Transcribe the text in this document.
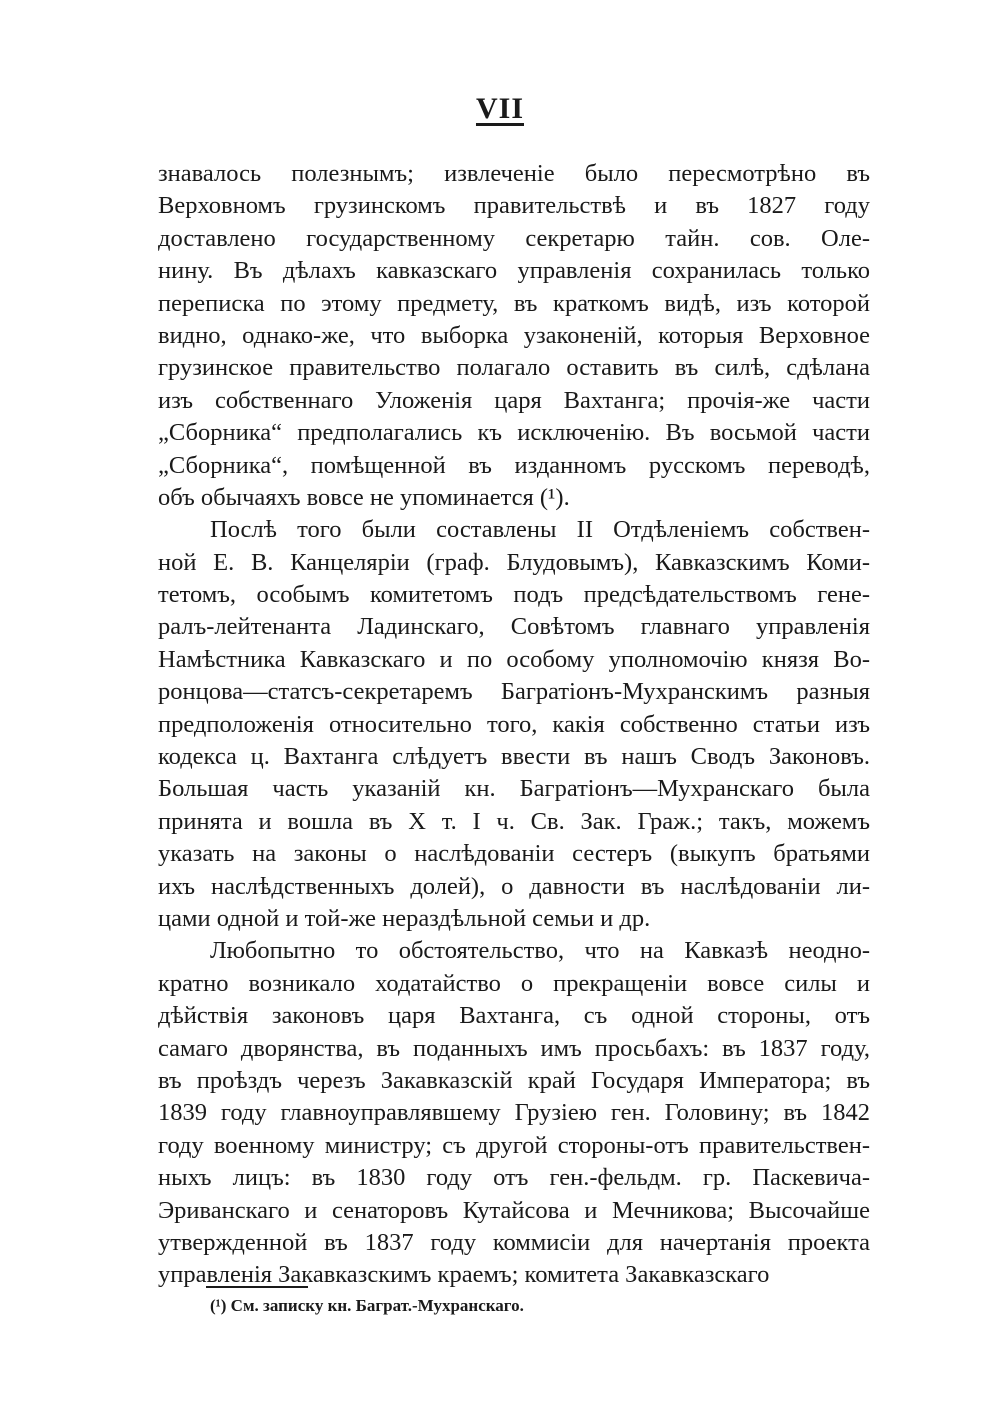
VII
знавалось полезнымъ; извлеченіе было пересмотрѣно въ
Верховномъ грузинскомъ правительствѣ и въ 1827 году
доставлено государственному секретарю тайн. сов. Оле-
нину. Въ дѣлахъ кавказскаго управленія сохранилась только
переписка по этому предмету, въ краткомъ видѣ, изъ которой
видно, однако-же, что выборка узаконеній, которыя Верховное
грузинское правительство полагало оставить въ силѣ, сдѣлана
изъ собственнаго Уложенія царя Вахтанга; прочія-же части
„Сборника“ предполагались къ исключенію. Въ восьмой части
„Сборника“, помѣщенной въ изданномъ русскомъ переводѣ,
объ обычаяхъ вовсе не упоминается (¹).
Послѣ того были составлены II Отдѣленіемъ собствен-
ной Е. В. Канцеляріи (граф. Блудовымъ), Кавказскимъ Коми-
тетомъ, особымъ комитетомъ подъ предсѣдательствомъ гене-
ралъ-лейтенанта Ладинскаго, Совѣтомъ главнаго управленія
Намѣстника Кавказскаго и по особому уполномочію князя Во-
ронцова—статсъ-секретаремъ Багратіонъ-Мухранскимъ разныя
предположенія относительно того, какія собственно статьи изъ
кодекса ц. Вахтанга слѣдуетъ ввести въ нашъ Сводъ Законовъ.
Большая часть указаній кн. Багратіонъ—Мухранскаго была
принята и вошла въ X т. I ч. Св. Зак. Граж.; такъ, можемъ
указать на законы о наслѣдованіи сестеръ (выкупъ братьями
ихъ наслѣдственныхъ долей), о давности въ наслѣдованіи ли-
цами одной и той-же нераздѣльной семьи и др.
Любопытно то обстоятельство, что на Кавказѣ неодно-
кратно возникало ходатайство о прекращеніи вовсе силы и
дѣйствія законовъ царя Вахтанга, съ одной стороны, отъ
самаго дворянства, въ поданныхъ имъ просьбахъ: въ 1837 году,
въ проѣздъ черезъ Закавказскій край Государя Императора; въ
1839 году главноуправлявшему Грузіею ген. Головину; въ 1842
году военному министру; съ другой стороны-отъ правительствен-
ныхъ лицъ: въ 1830 году отъ ген.-фельдм. гр. Паскевича-
Эриванскаго и сенаторовъ Кутайсова и Мечникова; Высочайше
утвержденной въ 1837 году коммисіи для начертанія проекта
управленія Закавказскимъ краемъ; комитета Закавказскаго
(¹) См. записку кн. Баграт.-Мухранскаго.
